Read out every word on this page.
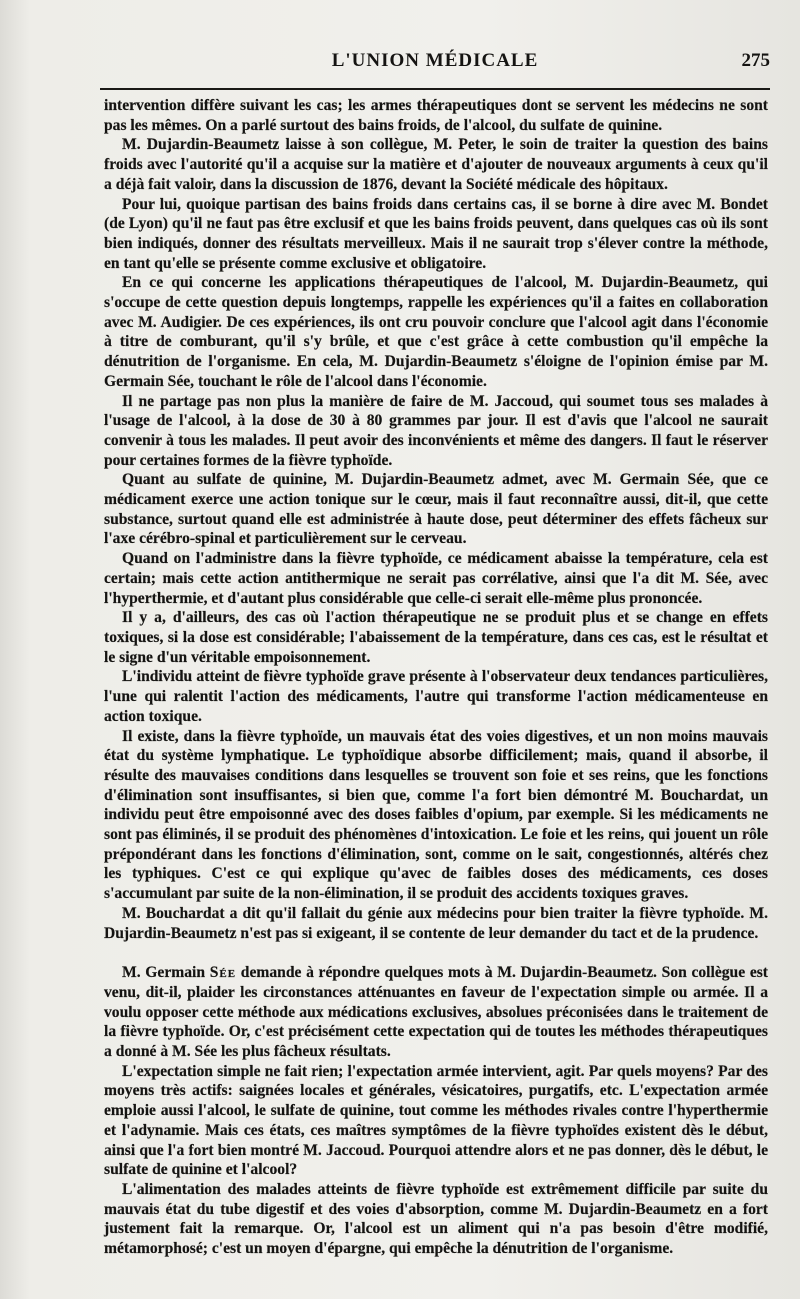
L'UNION MÉDICALE	275

intervention diffère suivant les cas; les armes thérapeutiques dont se servent les médecins ne sont pas les mêmes. On a parlé surtout des bains froids, de l'alcool, du sulfate de quinine.

M. Dujardin-Beaumetz laisse à son collègue, M. Peter, le soin de traiter la question des bains froids avec l'autorité qu'il a acquise sur la matière et d'ajouter de nouveaux arguments à ceux qu'il a déjà fait valoir, dans la discussion de 1876, devant la Société médicale des hôpitaux.

Pour lui, quoique partisan des bains froids dans certains cas, il se borne à dire avec M. Bondet (de Lyon) qu'il ne faut pas être exclusif et que les bains froids peuvent, dans quelques cas où ils sont bien indiqués, donner des résultats merveilleux. Mais il ne saurait trop s'élever contre la méthode, en tant qu'elle se présente comme exclusive et obligatoire.

En ce qui concerne les applications thérapeutiques de l'alcool, M. Dujardin-Beaumetz, qui s'occupe de cette question depuis longtemps, rappelle les expériences qu'il a faites en collaboration avec M. Audigier. De ces expériences, ils ont cru pouvoir conclure que l'alcool agit dans l'économie à titre de comburant, qu'il s'y brûle, et que c'est grâce à cette combustion qu'il empêche la dénutrition de l'organisme. En cela, M. Dujardin-Beaumetz s'éloigne de l'opinion émise par M. Germain Sée, touchant le rôle de l'alcool dans l'économie.

Il ne partage pas non plus la manière de faire de M. Jaccoud, qui soumet tous ses malades à l'usage de l'alcool, à la dose de 30 à 80 grammes par jour. Il est d'avis que l'alcool ne saurait convenir à tous les malades. Il peut avoir des inconvénients et même des dangers. Il faut le réserver pour certaines formes de la fièvre typhoïde.

Quant au sulfate de quinine, M. Dujardin-Beaumetz admet, avec M. Germain Sée, que ce médicament exerce une action tonique sur le cœur, mais il faut reconnaître aussi, dit-il, que cette substance, surtout quand elle est administrée à haute dose, peut déterminer des effets fâcheux sur l'axe cérébro-spinal et particulièrement sur le cerveau.

Quand on l'administre dans la fièvre typhoïde, ce médicament abaisse la température, cela est certain; mais cette action antithermique ne serait pas corrélative, ainsi que l'a dit M. Sée, avec l'hyperthermie, et d'autant plus considérable que celle-ci serait elle-même plus prononcée.

Il y a, d'ailleurs, des cas où l'action thérapeutique ne se produit plus et se change en effets toxiques, si la dose est considérable; l'abaissement de la température, dans ces cas, est le résultat et le signe d'un véritable empoisonnement.

L'individu atteint de fièvre typhoïde grave présente à l'observateur deux tendances particulières, l'une qui ralentit l'action des médicaments, l'autre qui transforme l'action médicamenteuse en action toxique.

Il existe, dans la fièvre typhoïde, un mauvais état des voies digestives, et un non moins mauvais état du système lymphatique. Le typhoïdique absorbe difficilement; mais, quand il absorbe, il résulte des mauvaises conditions dans lesquelles se trouvent son foie et ses reins, que les fonctions d'élimination sont insuffisantes, si bien que, comme l'a fort bien démontré M. Bouchardat, un individu peut être empoisonné avec des doses faibles d'opium, par exemple. Si les médicaments ne sont pas éliminés, il se produit des phénomènes d'intoxication. Le foie et les reins, qui jouent un rôle prépondérant dans les fonctions d'élimination, sont, comme on le sait, congestionnés, altérés chez les typhiques. C'est ce qui explique qu'avec de faibles doses des médicaments, ces doses s'accumulant par suite de la non-élimination, il se produit des accidents toxiques graves.

M. Bouchardat a dit qu'il fallait du génie aux médecins pour bien traiter la fièvre typhoïde. M. Dujardin-Beaumetz n'est pas si exigeant, il se contente de leur demander du tact et de la prudence.

M. Germain Sée demande à répondre quelques mots à M. Dujardin-Beaumetz. Son collègue est venu, dit-il, plaider les circonstances atténuantes en faveur de l'expectation simple ou armée. Il a voulu opposer cette méthode aux médications exclusives, absolues préconisées dans le traitement de la fièvre typhoïde. Or, c'est précisément cette expectation qui de toutes les méthodes thérapeutiques a donné à M. Sée les plus fâcheux résultats.

L'expectation simple ne fait rien; l'expectation armée intervient, agit. Par quels moyens? Par des moyens très actifs: saignées locales et générales, vésicatoires, purgatifs, etc. L'expectation armée emploie aussi l'alcool, le sulfate de quinine, tout comme les méthodes rivales contre l'hyperthermie et l'adynamie. Mais ces états, ces maîtres symptômes de la fièvre typhoïdes existent dès le début, ainsi que l'a fort bien montré M. Jaccoud. Pourquoi attendre alors et ne pas donner, dès le début, le sulfate de quinine et l'alcool?

L'alimentation des malades atteints de fièvre typhoïde est extrêmement difficile par suite du mauvais état du tube digestif et des voies d'absorption, comme M. Dujardin-Beaumetz en a fort justement fait la remarque. Or, l'alcool est un aliment qui n'a pas besoin d'être modifié, métamorphosé; c'est un moyen d'épargne, qui empêche la dénutrition de l'organisme.
